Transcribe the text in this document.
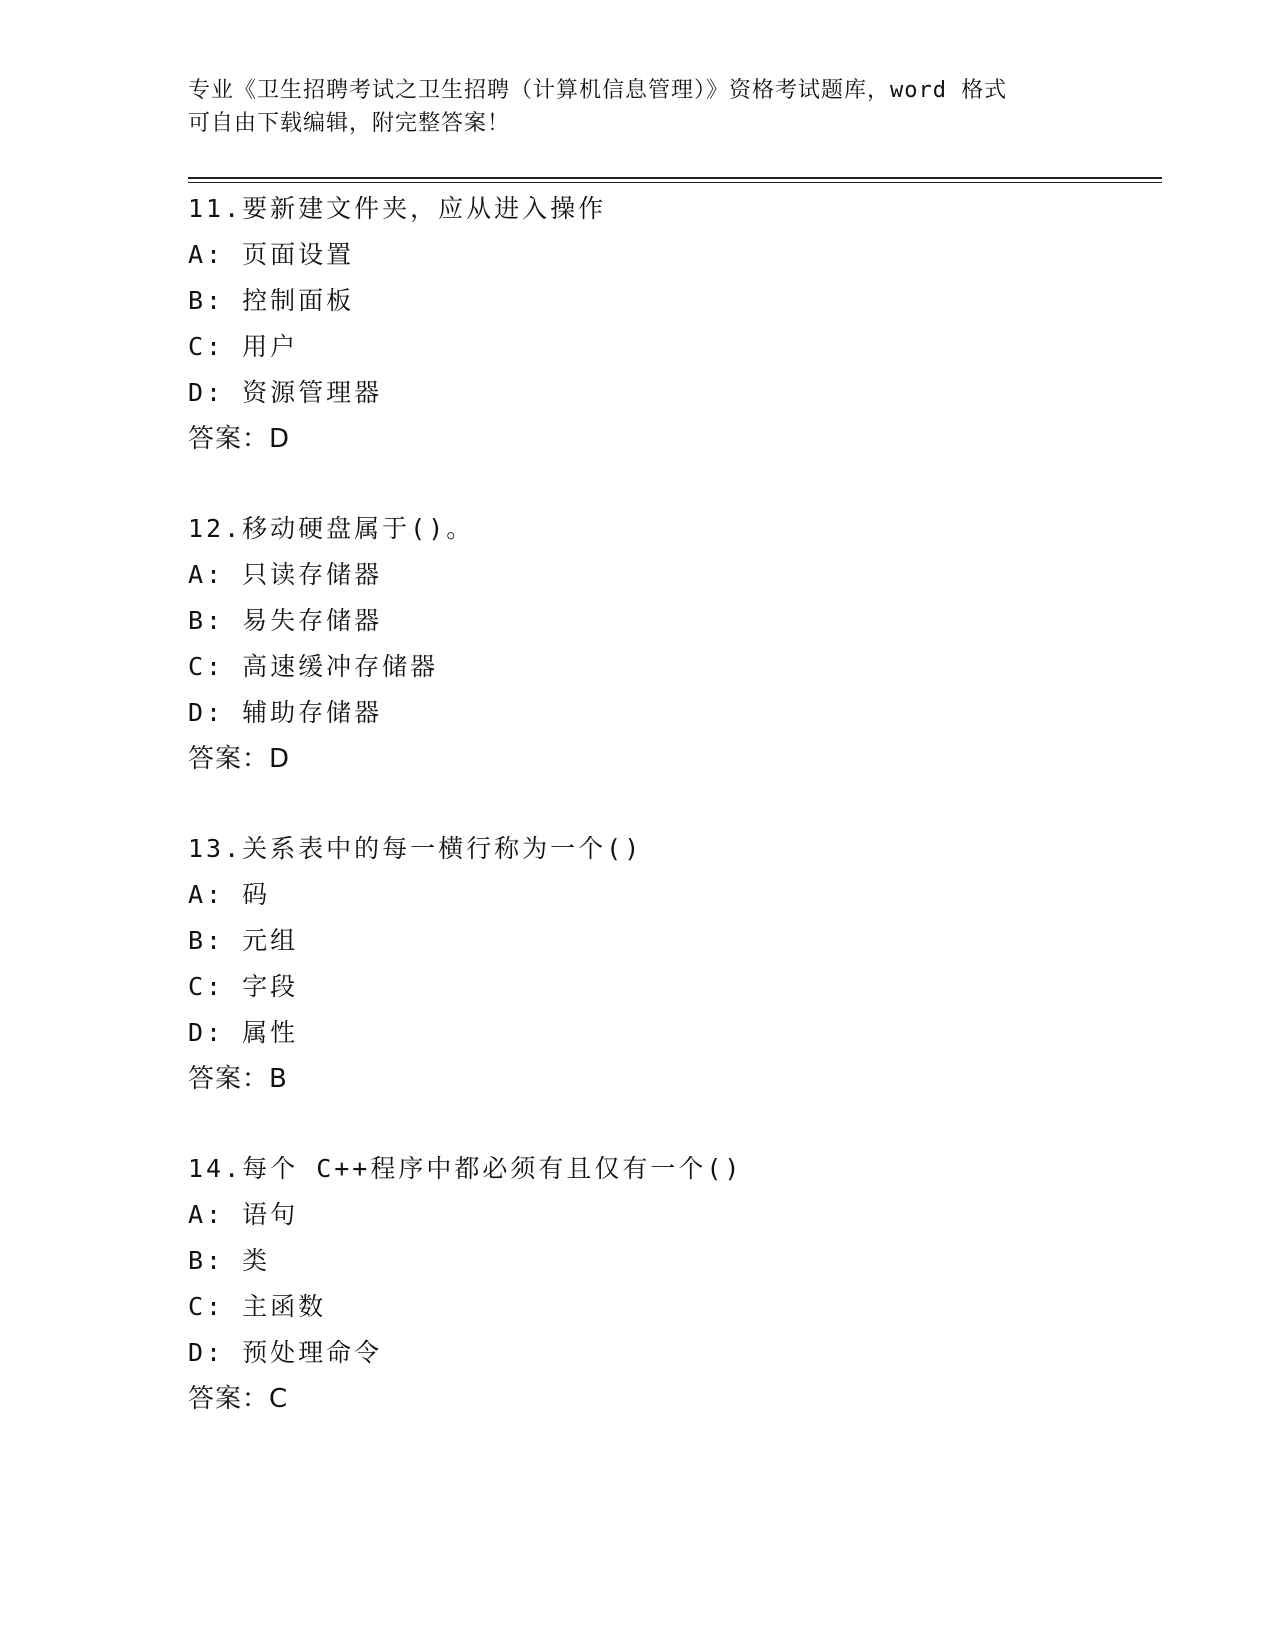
专业《卫生招聘考试之卫生招聘（计算机信息管理）》资格考试题库，word 格式
可自由下载编辑，附完整答案！
11.要新建文件夹，应从进入操作
A: 页面设置
B: 控制面板
C: 用户
D: 资源管理器
答案：D
12.移动硬盘属于()。
A: 只读存储器
B: 易失存储器
C: 高速缓冲存储器
D: 辅助存储器
答案：D
13.关系表中的每一横行称为一个()
A: 码
B: 元组
C: 字段
D: 属性
答案：B
14.每个 C++程序中都必须有且仅有一个()
A: 语句
B: 类
C: 主函数
D: 预处理命令
答案：C
